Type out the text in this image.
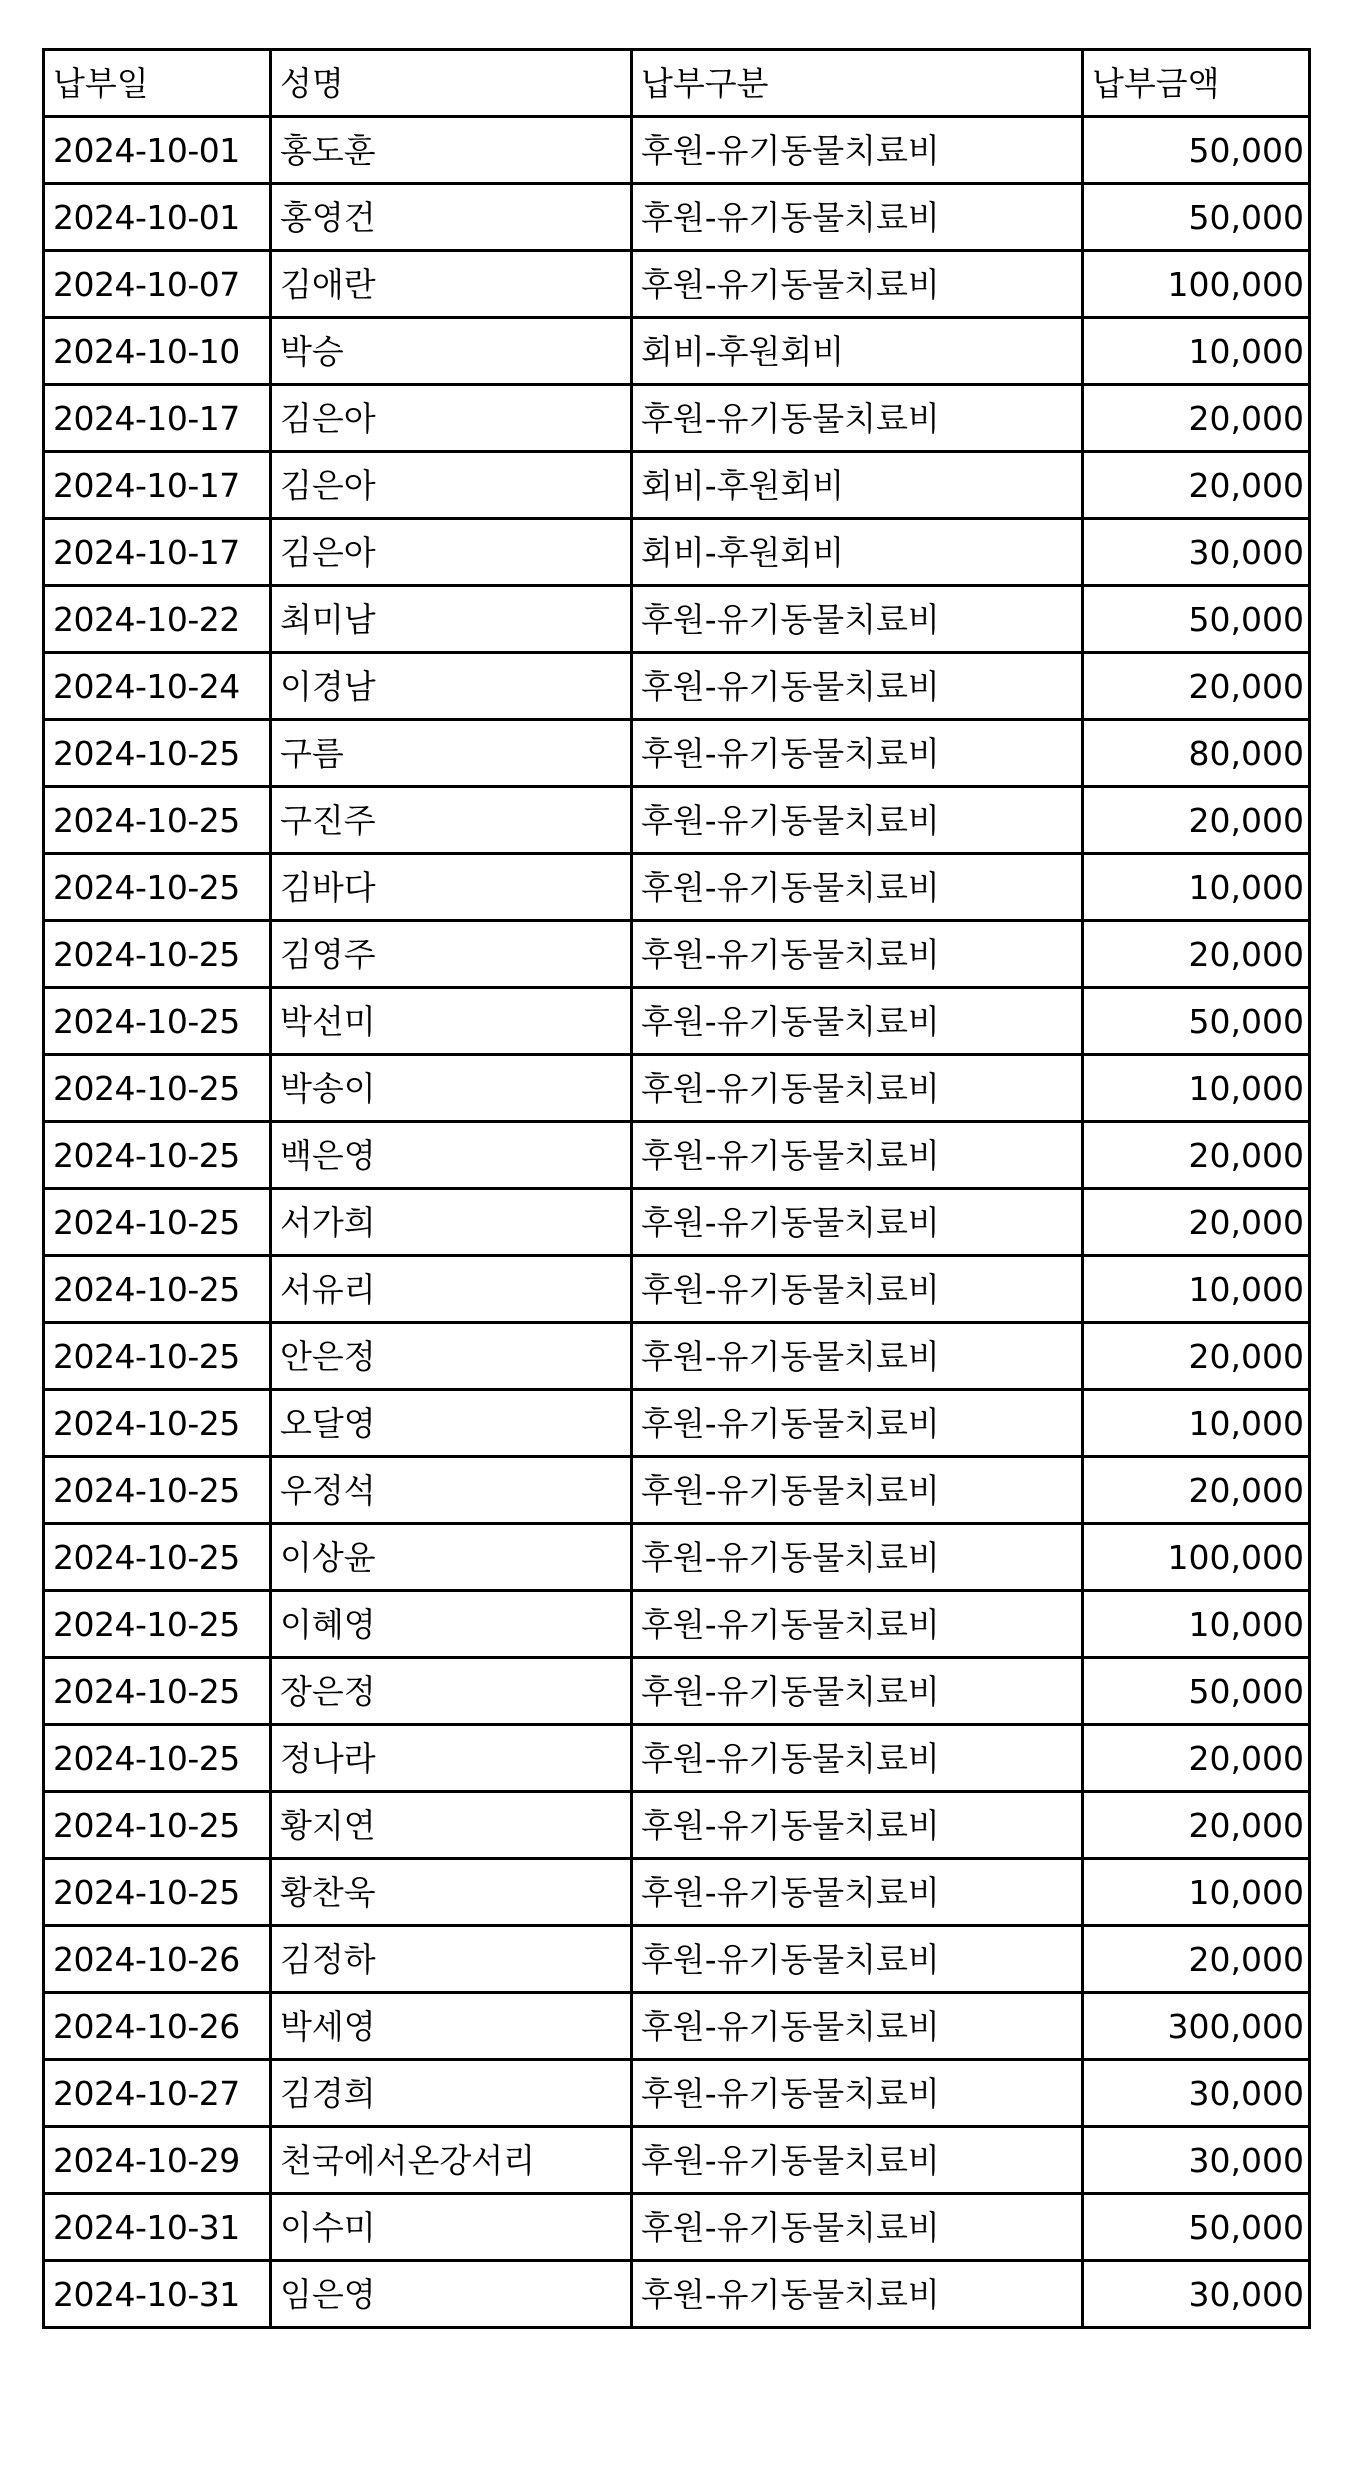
납부일	성명	납부구분	납부금액
2024-10-01	홍도훈	후원-유기동물치료비	50,000
2024-10-01	홍영건	후원-유기동물치료비	50,000
2024-10-07	김애란	후원-유기동물치료비	100,000
2024-10-10	박승	회비-후원회비	10,000
2024-10-17	김은아	후원-유기동물치료비	20,000
2024-10-17	김은아	회비-후원회비	20,000
2024-10-17	김은아	회비-후원회비	30,000
2024-10-22	최미남	후원-유기동물치료비	50,000
2024-10-24	이경남	후원-유기동물치료비	20,000
2024-10-25	구름	후원-유기동물치료비	80,000
2024-10-25	구진주	후원-유기동물치료비	20,000
2024-10-25	김바다	후원-유기동물치료비	10,000
2024-10-25	김영주	후원-유기동물치료비	20,000
2024-10-25	박선미	후원-유기동물치료비	50,000
2024-10-25	박송이	후원-유기동물치료비	10,000
2024-10-25	백은영	후원-유기동물치료비	20,000
2024-10-25	서가희	후원-유기동물치료비	20,000
2024-10-25	서유리	후원-유기동물치료비	10,000
2024-10-25	안은정	후원-유기동물치료비	20,000
2024-10-25	오달영	후원-유기동물치료비	10,000
2024-10-25	우정석	후원-유기동물치료비	20,000
2024-10-25	이상윤	후원-유기동물치료비	100,000
2024-10-25	이혜영	후원-유기동물치료비	10,000
2024-10-25	장은정	후원-유기동물치료비	50,000
2024-10-25	정나라	후원-유기동물치료비	20,000
2024-10-25	황지연	후원-유기동물치료비	20,000
2024-10-25	황찬욱	후원-유기동물치료비	10,000
2024-10-26	김정하	후원-유기동물치료비	20,000
2024-10-26	박세영	후원-유기동물치료비	300,000
2024-10-27	김경희	후원-유기동물치료비	30,000
2024-10-29	천국에서온강서리	후원-유기동물치료비	30,000
2024-10-31	이수미	후원-유기동물치료비	50,000
2024-10-31	임은영	후원-유기동물치료비	30,000
